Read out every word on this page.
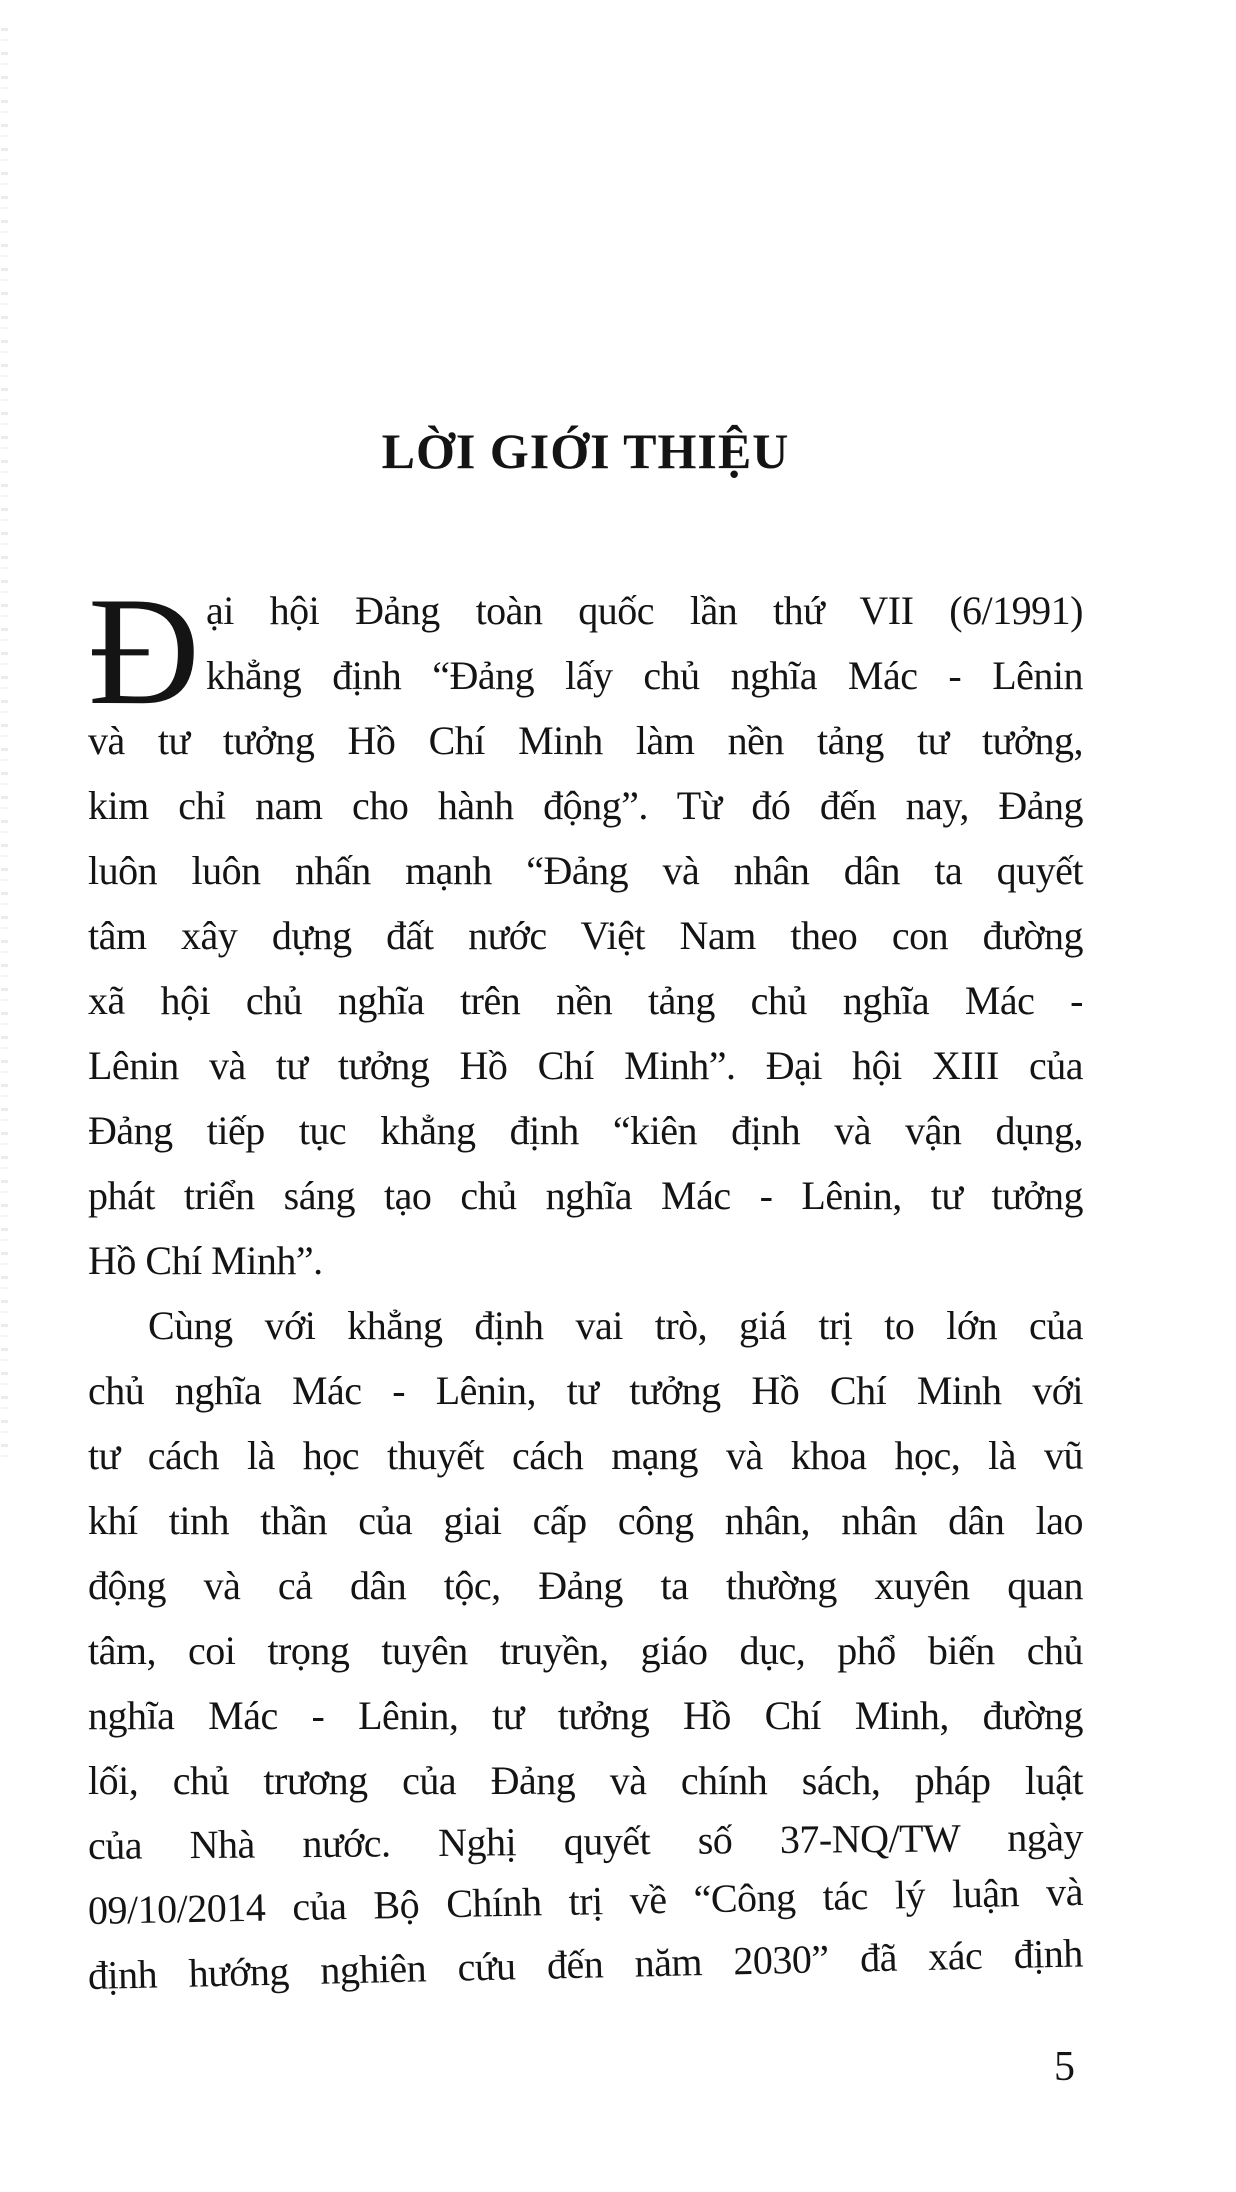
LỜI GIỚI THIỆU
Đ ại hội Đảng toàn quốc lần thứ VII (6/1991)
khẳng định “Đảng lấy chủ nghĩa Mác - Lênin
và tư tưởng Hồ Chí Minh làm nền tảng tư tưởng,
kim chỉ nam cho hành động”. Từ đó đến nay, Đảng
luôn luôn nhấn mạnh “Đảng và nhân dân ta quyết
tâm xây dựng đất nước Việt Nam theo con đường
xã hội chủ nghĩa trên nền tảng chủ nghĩa Mác -
Lênin và tư tưởng Hồ Chí Minh”. Đại hội XIII của
Đảng tiếp tục khẳng định “kiên định và vận dụng,
phát triển sáng tạo chủ nghĩa Mác - Lênin, tư tưởng
Hồ Chí Minh”.
Cùng với khẳng định vai trò, giá trị to lớn của
chủ nghĩa Mác - Lênin, tư tưởng Hồ Chí Minh với
tư cách là học thuyết cách mạng và khoa học, là vũ
khí tinh thần của giai cấp công nhân, nhân dân lao
động và cả dân tộc, Đảng ta thường xuyên quan
tâm, coi trọng tuyên truyền, giáo dục, phổ biến chủ
nghĩa Mác - Lênin, tư tưởng Hồ Chí Minh, đường
lối, chủ trương của Đảng và chính sách, pháp luật
của Nhà nước. Nghị quyết số 37-NQ/TW ngày
09/10/2014 của Bộ Chính trị về “Công tác lý luận và
định hướng nghiên cứu đến năm 2030” đã xác định
5
